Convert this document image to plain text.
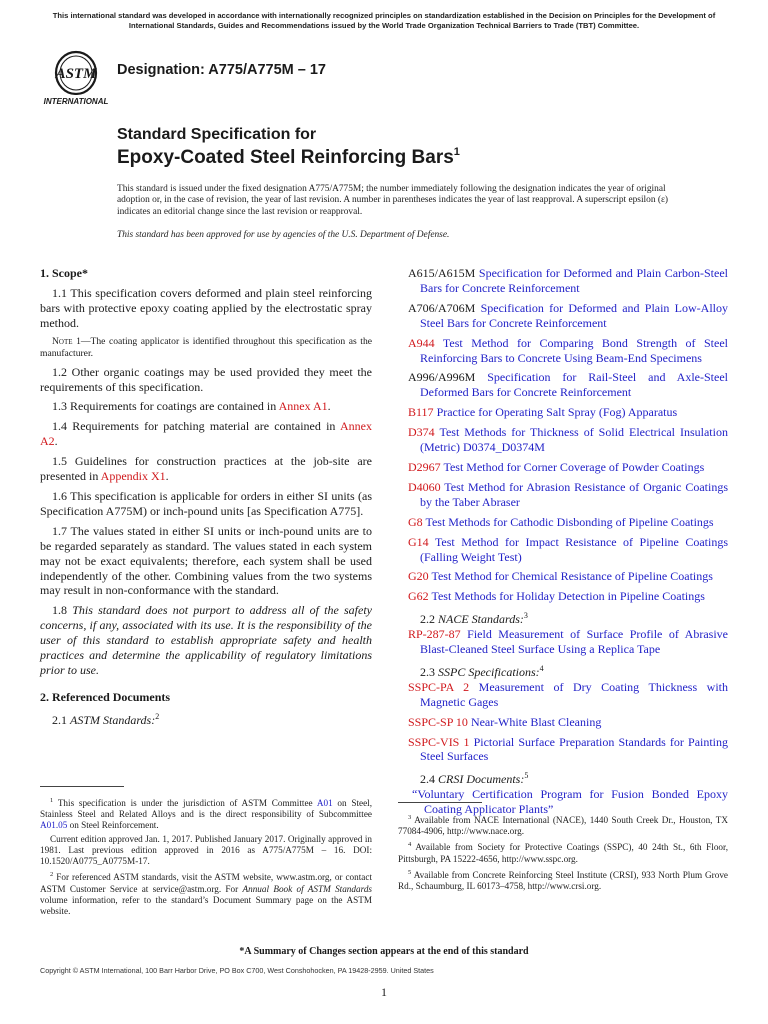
This international standard was developed in accordance with internationally recognized principles on standardization established in the Decision on Principles for the Development of International Standards, Guides and Recommendations issued by the World Trade Organization Technical Barriers to Trade (TBT) Committee.
ASTM
INTERNATIONAL
Designation: A775/A775M – 17
Standard Specification for
Epoxy-Coated Steel Reinforcing Bars$^1$
This standard is issued under the fixed designation A775/A775M; the number immediately following the designation indicates the year of original adoption or, in the case of revision, the year of last revision. A number in parentheses indicates the year of last reapproval. A superscript epsilon (ε) indicates an editorial change since the last revision or reapproval.
This standard has been approved for use by agencies of the U.S. Department of Defense.

1. Scope*

1.1 This specification covers deformed and plain steel reinforcing bars with protective epoxy coating applied by the electrostatic spray method.

Note 1—The coating applicator is identified throughout this specification as the manufacturer.

1.2 Other organic coatings may be used provided they meet the requirements of this specification.

1.3 Requirements for coatings are contained in Annex A1.

1.4 Requirements for patching material are contained in Annex A2.

1.5 Guidelines for construction practices at the job-site are presented in Appendix X1.

1.6 This specification is applicable for orders in either SI units (as Specification A775M) or inch-pound units [as Specification A775].

1.7 The values stated in either SI units or inch-pound units are to be regarded separately as standard. The values stated in each system may not be exact equivalents; therefore, each system shall be used independently of the other. Combining values from the two systems may result in non-conformance with the standard.

1.8 This standard does not purport to address all of the safety concerns, if any, associated with its use. It is the responsibility of the user of this standard to establish appropriate safety and health practices and determine the applicability of regulatory limitations prior to use.

2. Referenced Documents

2.1 ASTM Standards:$^2$

A615/A615M Specification for Deformed and Plain Carbon-Steel Bars for Concrete Reinforcement

A706/A706M Specification for Deformed and Plain Low-Alloy Steel Bars for Concrete Reinforcement

A944 Test Method for Comparing Bond Strength of Steel Reinforcing Bars to Concrete Using Beam-End Specimens

A996/A996M Specification for Rail-Steel and Axle-Steel Deformed Bars for Concrete Reinforcement

B117 Practice for Operating Salt Spray (Fog) Apparatus

D374 Test Methods for Thickness of Solid Electrical Insulation (Metric) D0374_D0374M

D2967 Test Method for Corner Coverage of Powder Coatings

D4060 Test Method for Abrasion Resistance of Organic Coatings by the Taber Abraser

G8 Test Methods for Cathodic Disbonding of Pipeline Coatings

G14 Test Method for Impact Resistance of Pipeline Coatings (Falling Weight Test)

G20 Test Method for Chemical Resistance of Pipeline Coatings

G62 Test Methods for Holiday Detection in Pipeline Coatings

2.2 NACE Standards:$^3$

RP-287-87 Field Measurement of Surface Profile of Abrasive Blast-Cleaned Steel Surface Using a Replica Tape

2.3 SSPC Specifications:$^4$

SSPC-PA 2 Measurement of Dry Coating Thickness with Magnetic Gages

SSPC-SP 10 Near-White Blast Cleaning

SSPC-VIS 1 Pictorial Surface Preparation Standards for Painting Steel Surfaces

2.4 CRSI Documents:$^5$

“Voluntary Certification Program for Fusion Bonded Epoxy Coating Applicator Plants”

$^1$ This specification is under the jurisdiction of ASTM Committee A01 on Steel, Stainless Steel and Related Alloys and is the direct responsibility of Subcommittee A01.05 on Steel Reinforcement.

Current edition approved Jan. 1, 2017. Published January 2017. Originally approved in 1981. Last previous edition approved in 2016 as A775/A775M – 16. DOI: 10.1520/A0775_A0775M-17.

$^2$ For referenced ASTM standards, visit the ASTM website, www.astm.org, or contact ASTM Customer Service at service@astm.org. For Annual Book of ASTM Standards volume information, refer to the standard’s Document Summary page on the ASTM website.

$^3$ Available from NACE International (NACE), 1440 South Creek Dr., Houston, TX 77084-4906, http://www.nace.org.

$^4$ Available from Society for Protective Coatings (SSPC), 40 24th St., 6th Floor, Pittsburgh, PA 15222-4656, http://www.sspc.org.

$^5$ Available from Concrete Reinforcing Steel Institute (CRSI), 933 North Plum Grove Rd., Schaumburg, IL 60173–4758, http://www.crsi.org.

*A Summary of Changes section appears at the end of this standard
Copyright © ASTM International, 100 Barr Harbor Drive, PO Box C700, West Conshohocken, PA 19428-2959. United States
1
